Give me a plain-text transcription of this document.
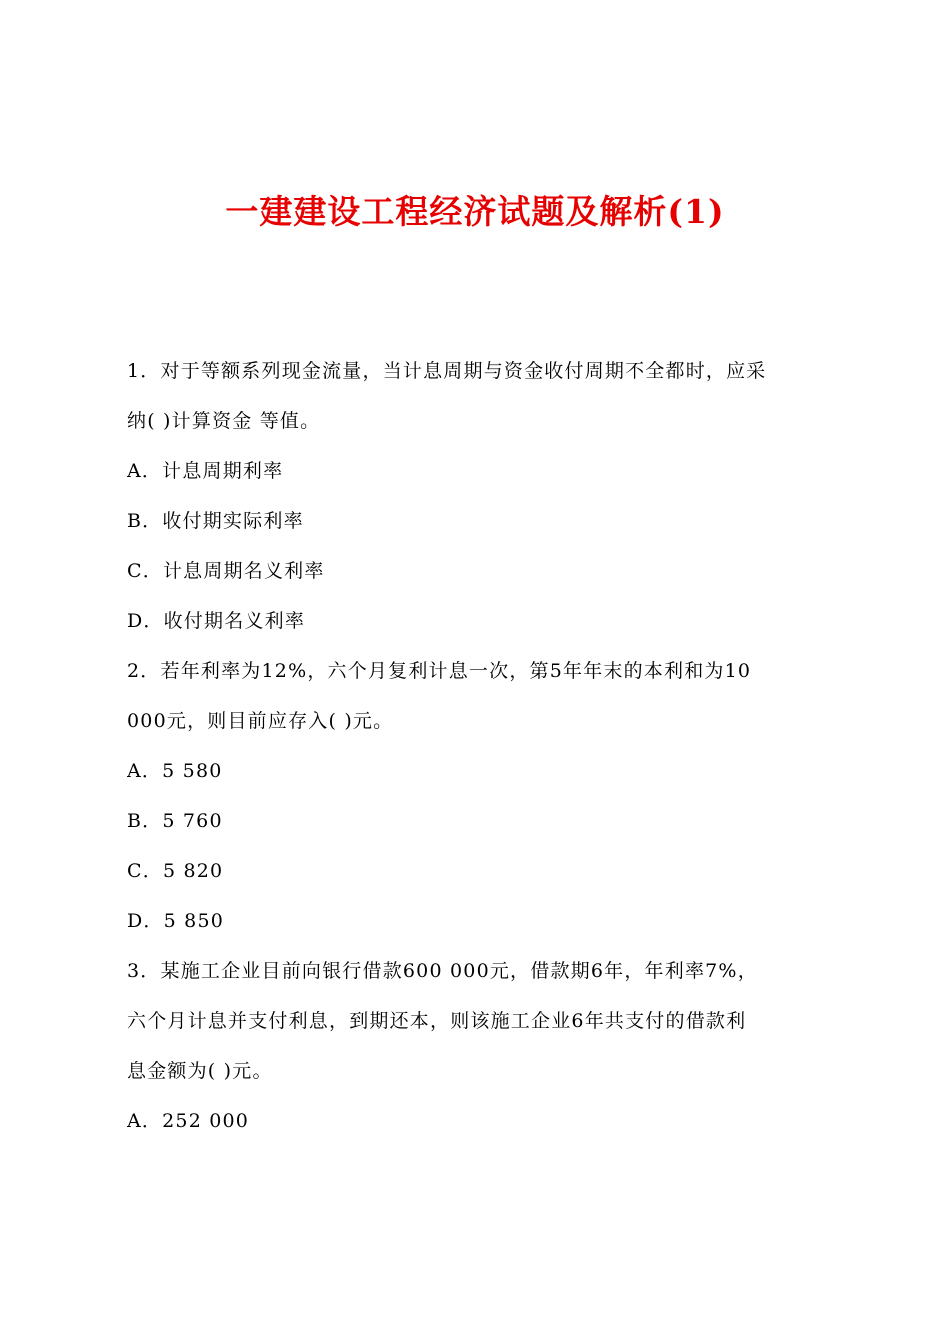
一建建设工程经济试题及解析(1)
1．对于等额系列现金流量，当计息周期与资金收付周期不全都时，应采
纳( )计算资金 等值。
A．计息周期利率
B．收付期实际利率
C．计息周期名义利率
D．收付期名义利率
2．若年利率为12%，六个月复利计息一次，第5年年末的本利和为10
000元，则目前应存入( )元。
A．5 580
B．5 760
C．5 820
D．5 850
3．某施工企业目前向银行借款600 000元，借款期6年，年利率7%，
六个月计息并支付利息，到期还本，则该施工企业6年共支付的借款利
息金额为( )元。
A．252 000
